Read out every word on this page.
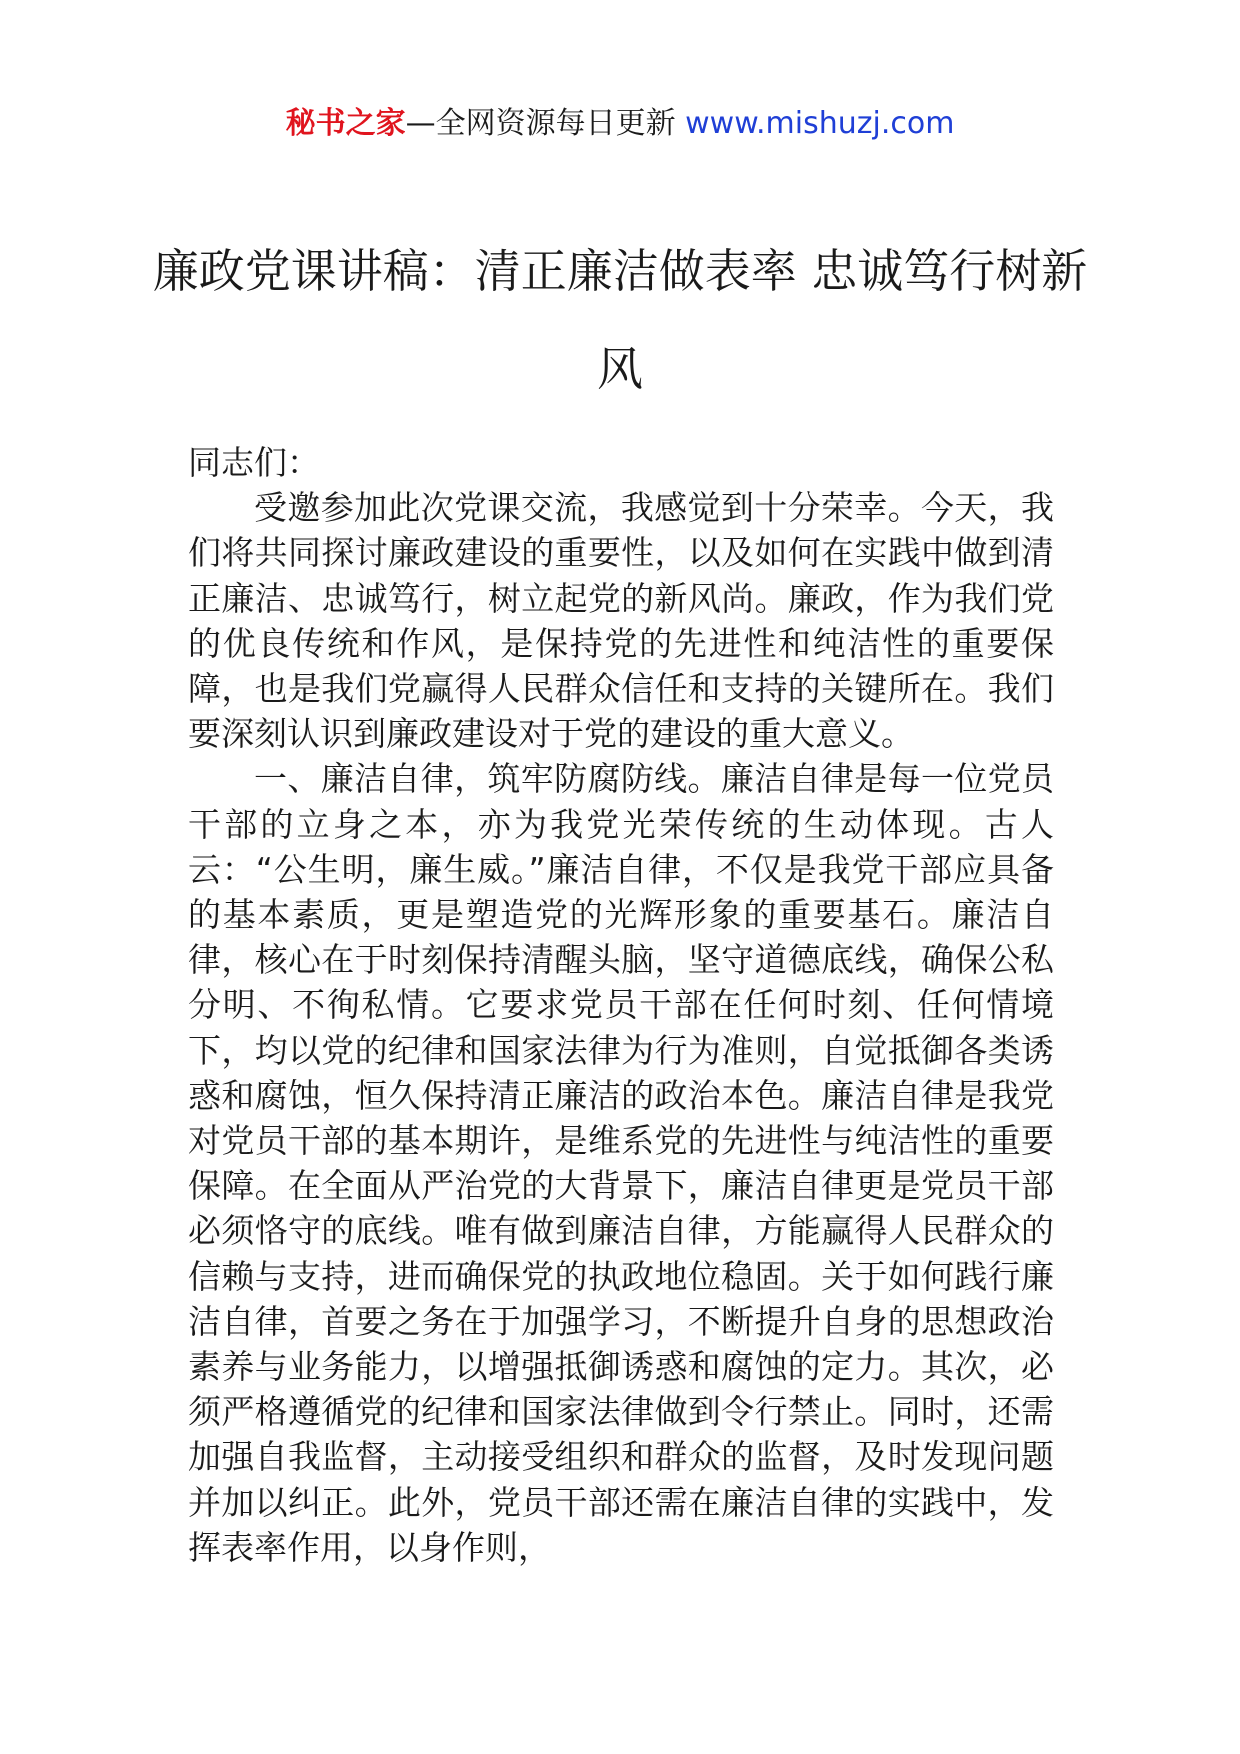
秘书之家—全网资源每日更新 www.mishuzj.com
廉政党课讲稿：清正廉洁做表率 忠诚笃行树新风

同志们：

受邀参加此次党课交流，我感觉到十分荣幸。今天，我们将共同探讨廉政建设的重要性，以及如何在实践中做到清正廉洁、忠诚笃行，树立起党的新风尚。廉政，作为我们党的优良传统和作风，是保持党的先进性和纯洁性的重要保障，也是我们党赢得人民群众信任和支持的关键所在。我们要深刻认识到廉政建设对于党的建设的重大意义。

一、廉洁自律，筑牢防腐防线。廉洁自律是每一位党员干部的立身之本，亦为我党光荣传统的生动体现。古人云：“公生明，廉生威。”廉洁自律，不仅是我党干部应具备的基本素质，更是塑造党的光辉形象的重要基石。廉洁自律，核心在于时刻保持清醒头脑，坚守道德底线，确保公私分明、不徇私情。它要求党员干部在任何时刻、任何情境下，均以党的纪律和国家法律为行为准则，自觉抵御各类诱惑和腐蚀，恒久保持清正廉洁的政治本色。廉洁自律是我党对党员干部的基本期许，是维系党的先进性与纯洁性的重要保障。在全面从严治党的大背景下，廉洁自律更是党员干部必须恪守的底线。唯有做到廉洁自律，方能赢得人民群众的信赖与支持，进而确保党的执政地位稳固。关于如何践行廉洁自律，首要之务在于加强学习，不断提升自身的思想政治素养与业务能力，以增强抵御诱惑和腐蚀的定力。其次，必须严格遵循党的纪律和国家法律做到令行禁止。同时，还需加强自我监督，主动接受组织和群众的监督，及时发现问题并加以纠正。此外，党员干部还需在廉洁自律的实践中，发挥表率作用，以身作则，
